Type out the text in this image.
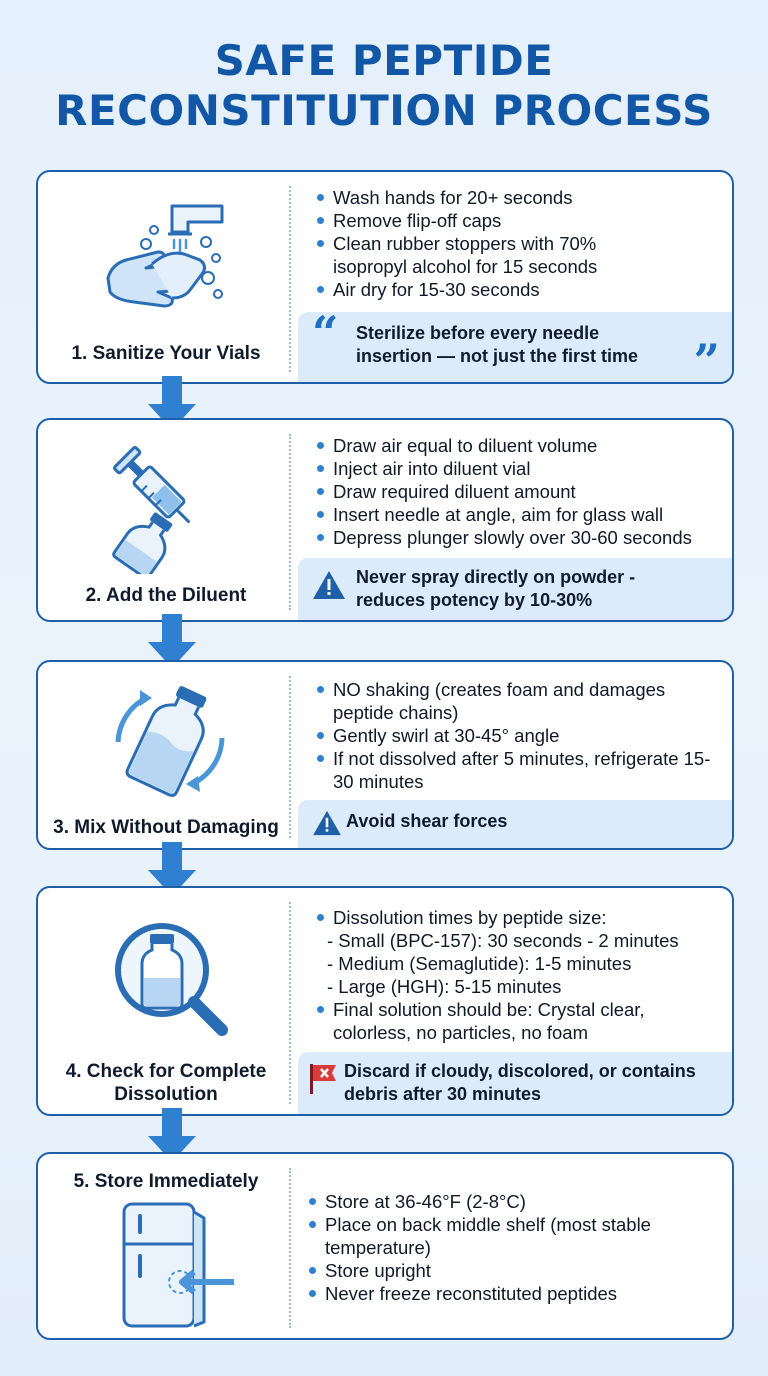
SAFE PEPTIDE
RECONSTITUTION PROCESS
1. Sanitize Your Vials
Wash hands for 20+ seconds
Remove flip-off caps
Clean rubber stoppers with 70% isopropyl alcohol for 15 seconds
Air dry for 15-30 seconds
“ Sterilize before every needle insertion — not just the first time	”
2. Add the Diluent
Draw air equal to diluent volume
Inject air into diluent vial
Draw required diluent amount
Insert needle at angle, aim for glass wall
Depress plunger slowly over 30-60 seconds
Never spray directly on powder - reduces potency by 10-30%
3. Mix Without Damaging
NO shaking (creates foam and damages peptide chains)
Gently swirl at 30-45° angle
If not dissolved after 5 minutes, refrigerate 15-30 minutes
Avoid shear forces
4. Check for Complete Dissolution
Dissolution times by peptide size:
- Small (BPC-157): 30 seconds - 2 minutes
- Medium (Semaglutide): 1-5 minutes
- Large (HGH): 5-15 minutes
Final solution should be: Crystal clear, colorless, no particles, no foam
Discard if cloudy, discolored, or contains debris after 30 minutes
5. Store Immediately
Store at 36-46°F (2-8°C)
Place on back middle shelf (most stable temperature)
Store upright
Never freeze reconstituted peptides
